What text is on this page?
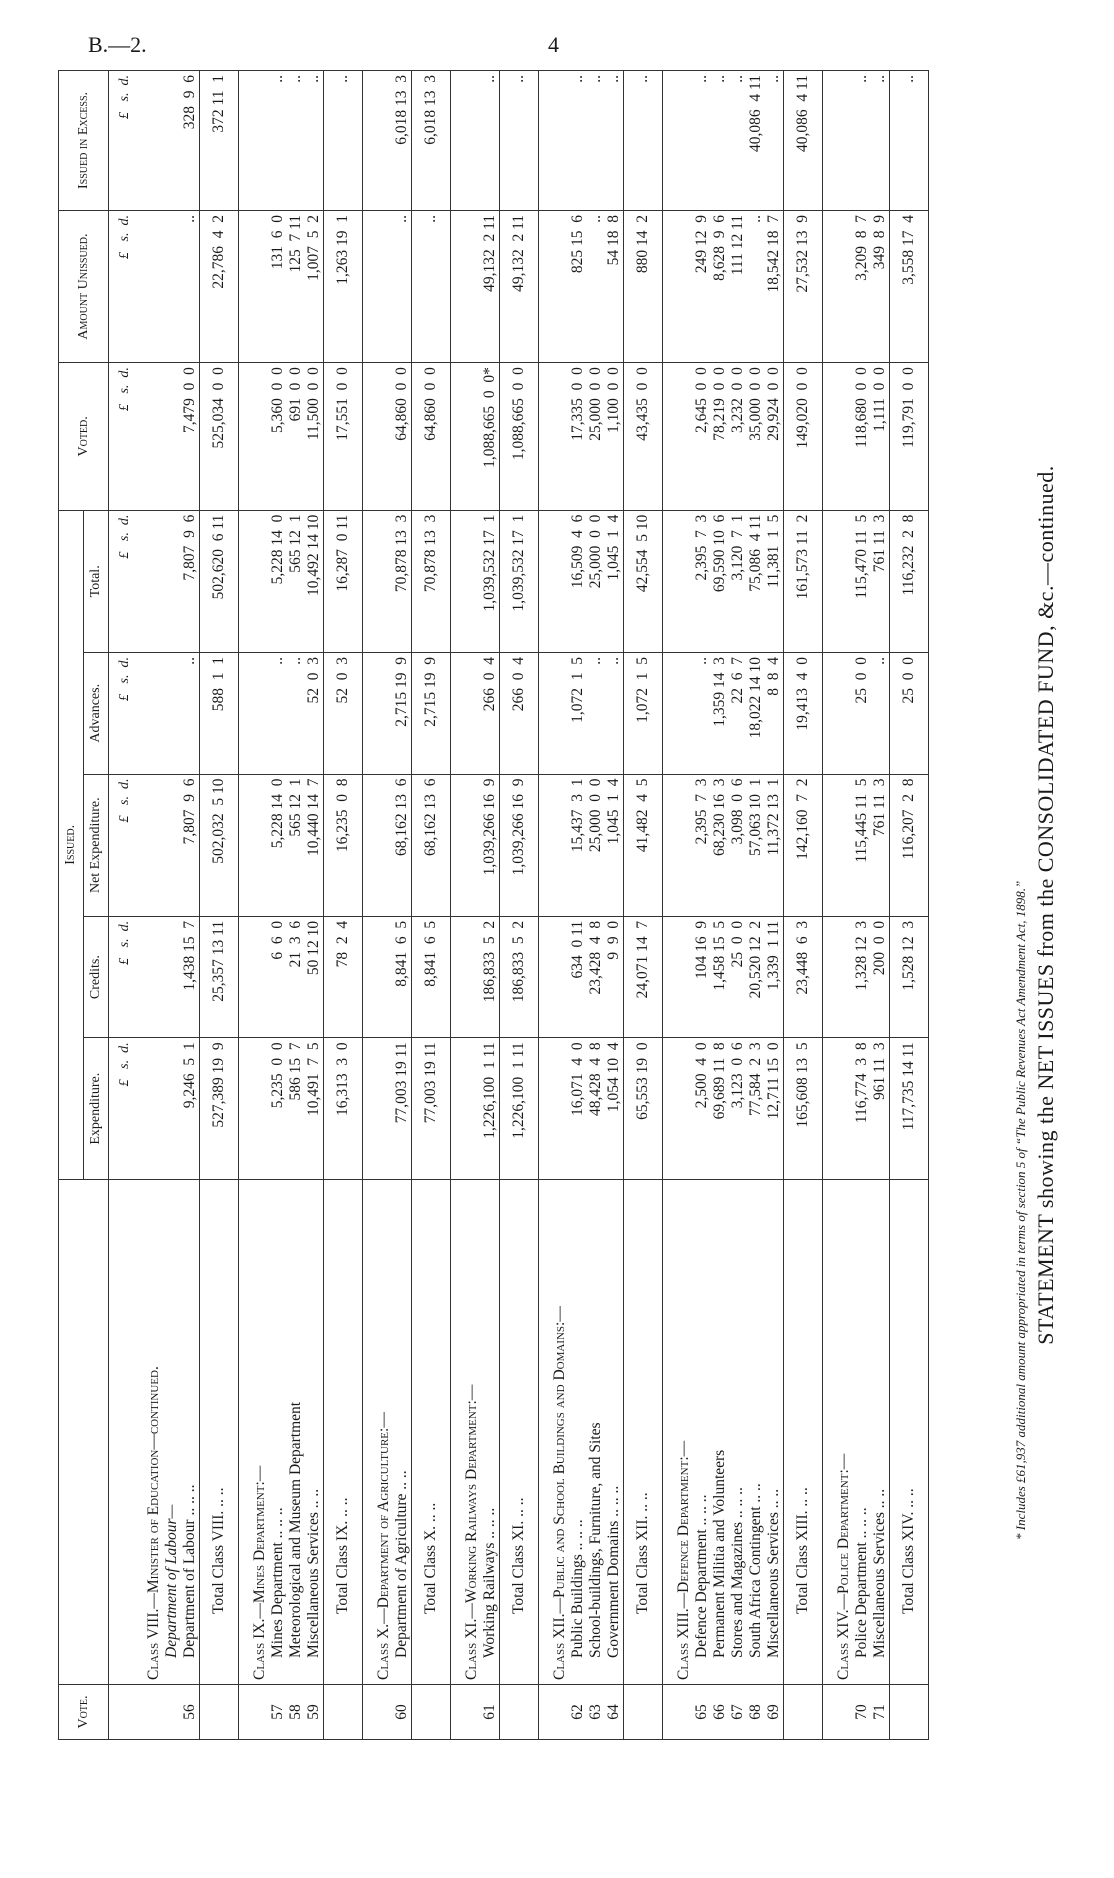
B.—2.	4
Vote.		Issued.					Voted.	Amount Unissued.	Issued in Excess.
		Expenditure.	Credits.	Net Expenditure.	Advances.	Total.			
		£   s.  d.	£   s.  d.	£   s.  d.	£   s.  d.	£   s.  d.	£   s.  d.	£   s.  d.	£   s.  d.
	Class VIII.—Minister of Education—continued.								
	Department of Labour—								
56	Department of Labour .. .. ..	9,246  5  1	1,438 15  7	7,807  9  6	..	7,807  9  6	7,479  0  0	..	328  9  6
	Total Class VIII. .. ..	527,389 19  9	25,357 13 11	502,032  5 10	588  1  1	502,620  6 11	525,034  0  0	22,786  4  2	372 11  1
	Class IX.—Mines Department:—								
57	Mines Department .. .. ..	5,235  0  0	6  6  0	5,228 14  0	..	5,228 14  0	5,360  0  0	131  6  0	..
58	Meteorological and Museum Department	586 15  7	21  3  6	565 12  1	..	565 12  1	691  0  0	125  7 11	..
59	Miscellaneous Services .. ..	10,491  7  5	50 12 10	10,440 14  7	52  0  3	10,492 14 10	11,500  0  0	1,007  5  2	..
	Total Class IX. .. ..	16,313  3  0	78  2  4	16,235  0  8	52  0  3	16,287  0 11	17,551  0  0	1,263 19  1	..
	Class X.—Department of Agriculture:—								
60	Department of Agriculture .. ..	77,003 19 11	8,841  6  5	68,162 13  6	2,715 19  9	70,878 13  3	64,860  0  0	..	6,018 13  3
	Total Class X. .. ..	77,003 19 11	8,841  6  5	68,162 13  6	2,715 19  9	70,878 13  3	64,860  0  0	..	6,018 13  3
	Class XI.—Working Railways Department:—								
61	Working Railways .. .. ..	1,226,100  1 11	186,833  5  2	1,039,266 16  9	266  0  4	1,039,532 17  1	1,088,665  0  0*	49,132  2 11	..
	Total Class XI. .. ..	1,226,100  1 11	186,833  5  2	1,039,266 16  9	266  0  4	1,039,532 17  1	1,088,665  0  0	49,132  2 11	..
	Class XII.—Public and School Buildings and Domains:—								
62	Public Buildings .. .. ..	16,071  4  0	634  0 11	15,437  3  1	1,072  1  5	16,509  4  6	17,335  0  0	825 15  6	..
63	School-buildings, Furniture, and Sites	48,428  4  8	23,428  4  8	25,000  0  0	..	25,000  0  0	25,000  0  0	..	..
64	Government Domains .. .. ..	1,054 10  4	9  9  0	1,045  1  4	..	1,045  1  4	1,100  0  0	54 18  8	..
	Total Class XII. .. ..	65,553 19  0	24,071 14  7	41,482  4  5	1,072  1  5	42,554  5 10	43,435  0  0	880 14  2	..
	Class XIII.—Defence Department:—								
65	Defence Department .. .. ..	2,500  4  0	104 16  9	2,395  7  3	..	2,395  7  3	2,645  0  0	249 12  9	..
66	Permanent Militia and Volunteers	69,689 11  8	1,458 15  5	68,230 16  3	1,359 14  3	69,590 10  6	78,219  0  0	8,628  9  6	..
67	Stores and Magazines .. .. ..	3,123  0  6	25  0  0	3,098  0  6	22  6  7	3,120  7  1	3,232  0  0	111 12 11	..
68	South Africa Contingent .. ..	77,584  2  3	20,520 12  2	57,063 10  1	18,022 14 10	75,086  4 11	35,000  0  0	..	40,086  4 11
69	Miscellaneous Services .. ..	12,711 15  0	1,339  1 11	11,372 13  1	8  8  4	11,381  1  5	29,924  0  0	18,542 18  7	..
	Total Class XIII. .. ..	165,608 13  5	23,448  6  3	142,160  7  2	19,413  4  0	161,573 11  2	149,020  0  0	27,532 13  9	40,086  4 11
	Class XIV.—Police Department:—								
70	Police Department .. .. ..	116,774  3  8	1,328 12  3	115,445 11  5	25  0  0	115,470 11  5	118,680  0  0	3,209  8  7	..
71	Miscellaneous Services .. ..	961 11  3	200  0  0	761 11  3	..	761 11  3	1,111  0  0	349  8  9	..
	Total Class XIV. .. ..	117,735 14 11	1,528 12  3	116,207  2  8	25  0  0	116,232  2  8	119,791  0  0	3,558 17  4	..
* Includes £61,937 additional amount appropriated in terms of section 5 of “The Public Revenues Act Amendment Act, 1898.” STATEMENT showing the NET ISSUES from the CONSOLIDATED FUND, &c.—continued.
